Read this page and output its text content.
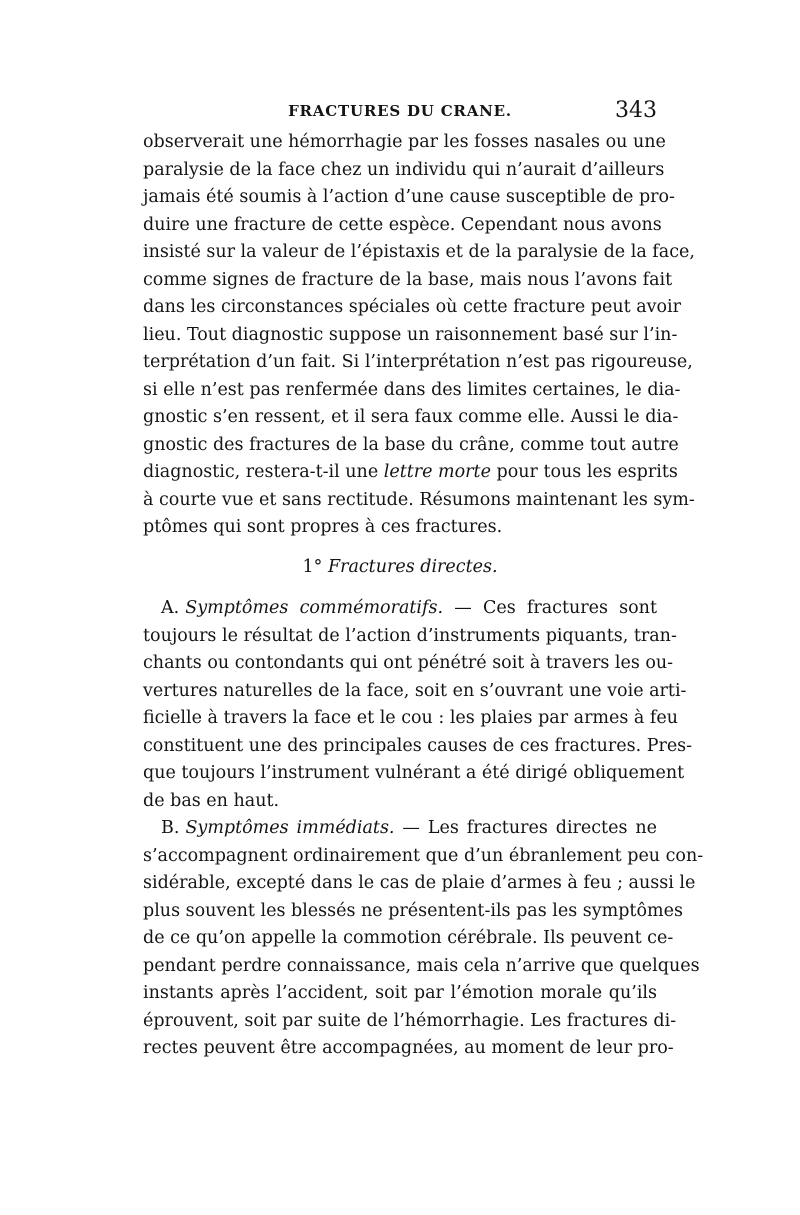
FRACTURES DU CRANE.	343
observerait une hémorrhagie par les fosses nasales ou une
paralysie de la face chez un individu qui n’aurait d’ailleurs
jamais été soumis à l’action d’une cause susceptible de pro-
duire une fracture de cette espèce. Cependant nous avons
insisté sur la valeur de l’épistaxis et de la paralysie de la face,
comme signes de fracture de la base, mais nous l’avons fait
dans les circonstances spéciales où cette fracture peut avoir
lieu. Tout diagnostic suppose un raisonnement basé sur l’in-
terprétation d’un fait. Si l’interprétation n’est pas rigoureuse,
si elle n’est pas renfermée dans des limites certaines, le dia-
gnostic s’en ressent, et il sera faux comme elle. Aussi le dia-
gnostic des fractures de la base du crâne, comme tout autre
diagnostic, restera-t-il une lettre morte pour tous les esprits
à courte vue et sans rectitude. Résumons maintenant les sym-
ptômes qui sont propres à ces fractures.
1° Fractures directes.
A. Symptômes commémoratifs. — Ces fractures sont
toujours le résultat de l’action d’instruments piquants, tran-
chants ou contondants qui ont pénétré soit à travers les ou-
vertures naturelles de la face, soit en s’ouvrant une voie arti-
ficielle à travers la face et le cou : les plaies par armes à feu
constituent une des principales causes de ces fractures. Pres-
que toujours l’instrument vulnérant a été dirigé obliquement
de bas en haut.
B. Symptômes immédiats. — Les fractures directes ne
s’accompagnent ordinairement que d’un ébranlement peu con-
sidérable, excepté dans le cas de plaie d’armes à feu ; aussi le
plus souvent les blessés ne présentent-ils pas les symptômes
de ce qu’on appelle la commotion cérébrale. Ils peuvent ce-
pendant perdre connaissance, mais cela n’arrive que quelques
instants après l’accident, soit par l’émotion morale qu’ils
éprouvent, soit par suite de l’hémorrhagie. Les fractures di-
rectes peuvent être accompagnées, au moment de leur pro-
